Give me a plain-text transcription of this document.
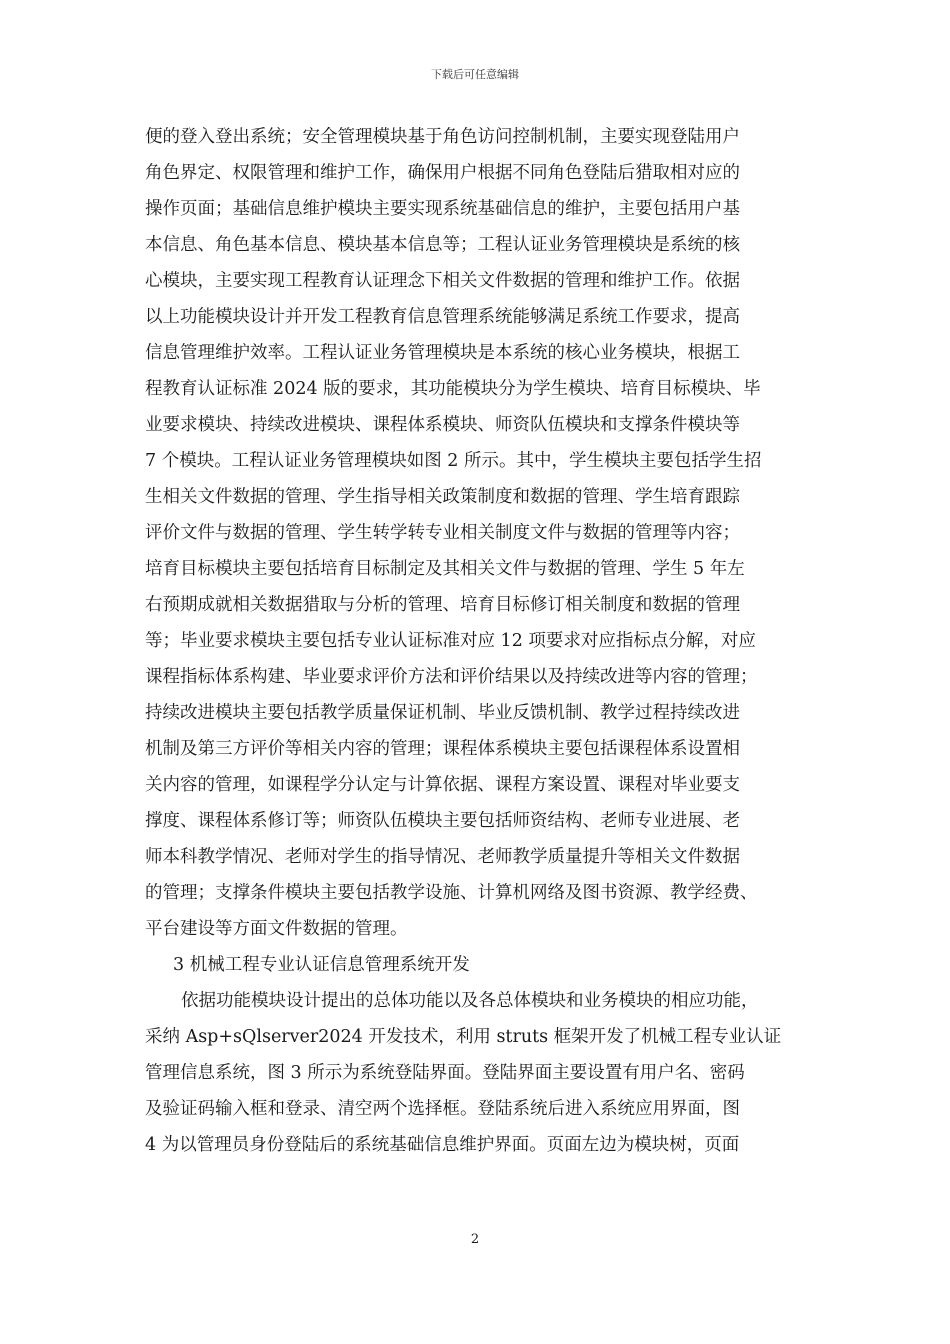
下载后可任意编辑
便的登入登出系统；安全管理模块基于角色访问控制机制，主要实现登陆用户
角色界定、权限管理和维护工作，确保用户根据不同角色登陆后猎取相对应的
操作页面；基础信息维护模块主要实现系统基础信息的维护，主要包括用户基
本信息、角色基本信息、模块基本信息等；工程认证业务管理模块是系统的核
心模块，主要实现工程教育认证理念下相关文件数据的管理和维护工作。依据
以上功能模块设计并开发工程教育信息管理系统能够满足系统工作要求，提高
信息管理维护效率。工程认证业务管理模块是本系统的核心业务模块，根据工
程教育认证标准 2024 版的要求，其功能模块分为学生模块、培育目标模块、毕
业要求模块、持续改进模块、课程体系模块、师资队伍模块和支撑条件模块等
7 个模块。工程认证业务管理模块如图 2 所示。其中，学生模块主要包括学生招
生相关文件数据的管理、学生指导相关政策制度和数据的管理、学生培育跟踪
评价文件与数据的管理、学生转学转专业相关制度文件与数据的管理等内容；
培育目标模块主要包括培育目标制定及其相关文件与数据的管理、学生 5 年左
右预期成就相关数据猎取与分析的管理、培育目标修订相关制度和数据的管理
等；毕业要求模块主要包括专业认证标准对应 12 项要求对应指标点分解，对应
课程指标体系构建、毕业要求评价方法和评价结果以及持续改进等内容的管理；
持续改进模块主要包括教学质量保证机制、毕业反馈机制、教学过程持续改进
机制及第三方评价等相关内容的管理；课程体系模块主要包括课程体系设置相
关内容的管理，如课程学分认定与计算依据、课程方案设置、课程对毕业要支
撑度、课程体系修订等；师资队伍模块主要包括师资结构、老师专业进展、老
师本科教学情况、老师对学生的指导情况、老师教学质量提升等相关文件数据
的管理；支撑条件模块主要包括教学设施、计算机网络及图书资源、教学经费、
平台建设等方面文件数据的管理。
3 机械工程专业认证信息管理系统开发
依据功能模块设计提出的总体功能以及各总体模块和业务模块的相应功能，
采纳 Asp+sQlserver2024 开发技术，利用 struts 框架开发了机械工程专业认证
管理信息系统，图 3 所示为系统登陆界面。登陆界面主要设置有用户名、密码
及验证码输入框和登录、清空两个选择框。登陆系统后进入系统应用界面，图
4 为以管理员身份登陆后的系统基础信息维护界面。页面左边为模块树，页面
2
